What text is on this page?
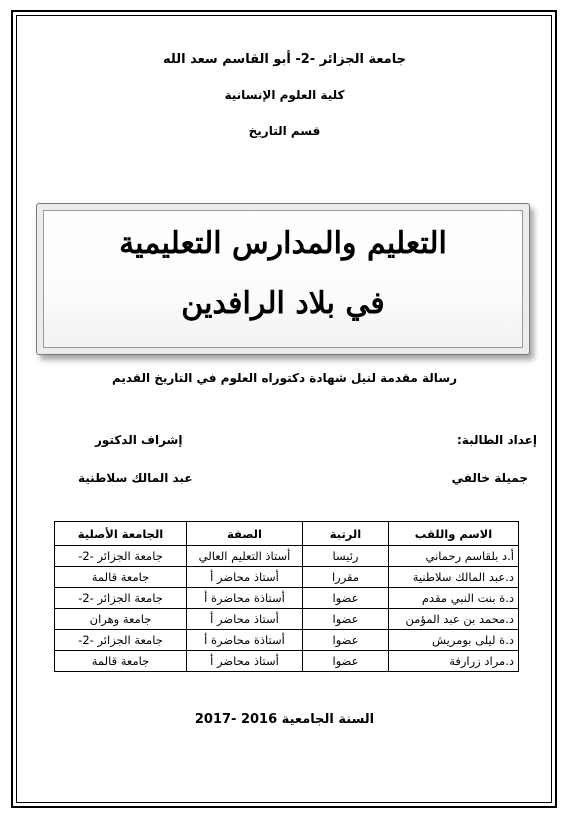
جامعة الجزائر -2- أبو القاسم سعد الله
كلية العلوم الإنسانية
قسم التاريخ
التعليم والمدارس التعليمية
في بلاد الرافدين
رسالة مقدمة لنيل شهادة دكتوراه العلوم في التاريخ القديم
إعداد الطالبة:
جميلة خالفي
إشراف الدكتور
عبد المالك سلاطنية
الاسم واللقب	الرتبة	الصفة	الجامعة الأصلية
أ.د بلقاسم رحماني	رئيسا	أستاذ التعليم العالي	جامعة الجزائر -2-
د.عبد المالك سلاطنية	مقررا	أستاذ محاضر أ	جامعة قالمة
د.ة بنت النبي مقدم	عضوا	أستاذة محاضرة أ	جامعة الجزائر -2-
د.محمد بن عبد المؤمن	عضوا	أستاذ محاضر أ	جامعة وهران
د.ة ليلى بومريش	عضوا	أستاذة محاضرة أ	جامعة الجزائر -2-
د.مراد زرارفة	عضوا	أستاذ محاضر أ	جامعة قالمة
السنة الجامعية 2016 -2017
